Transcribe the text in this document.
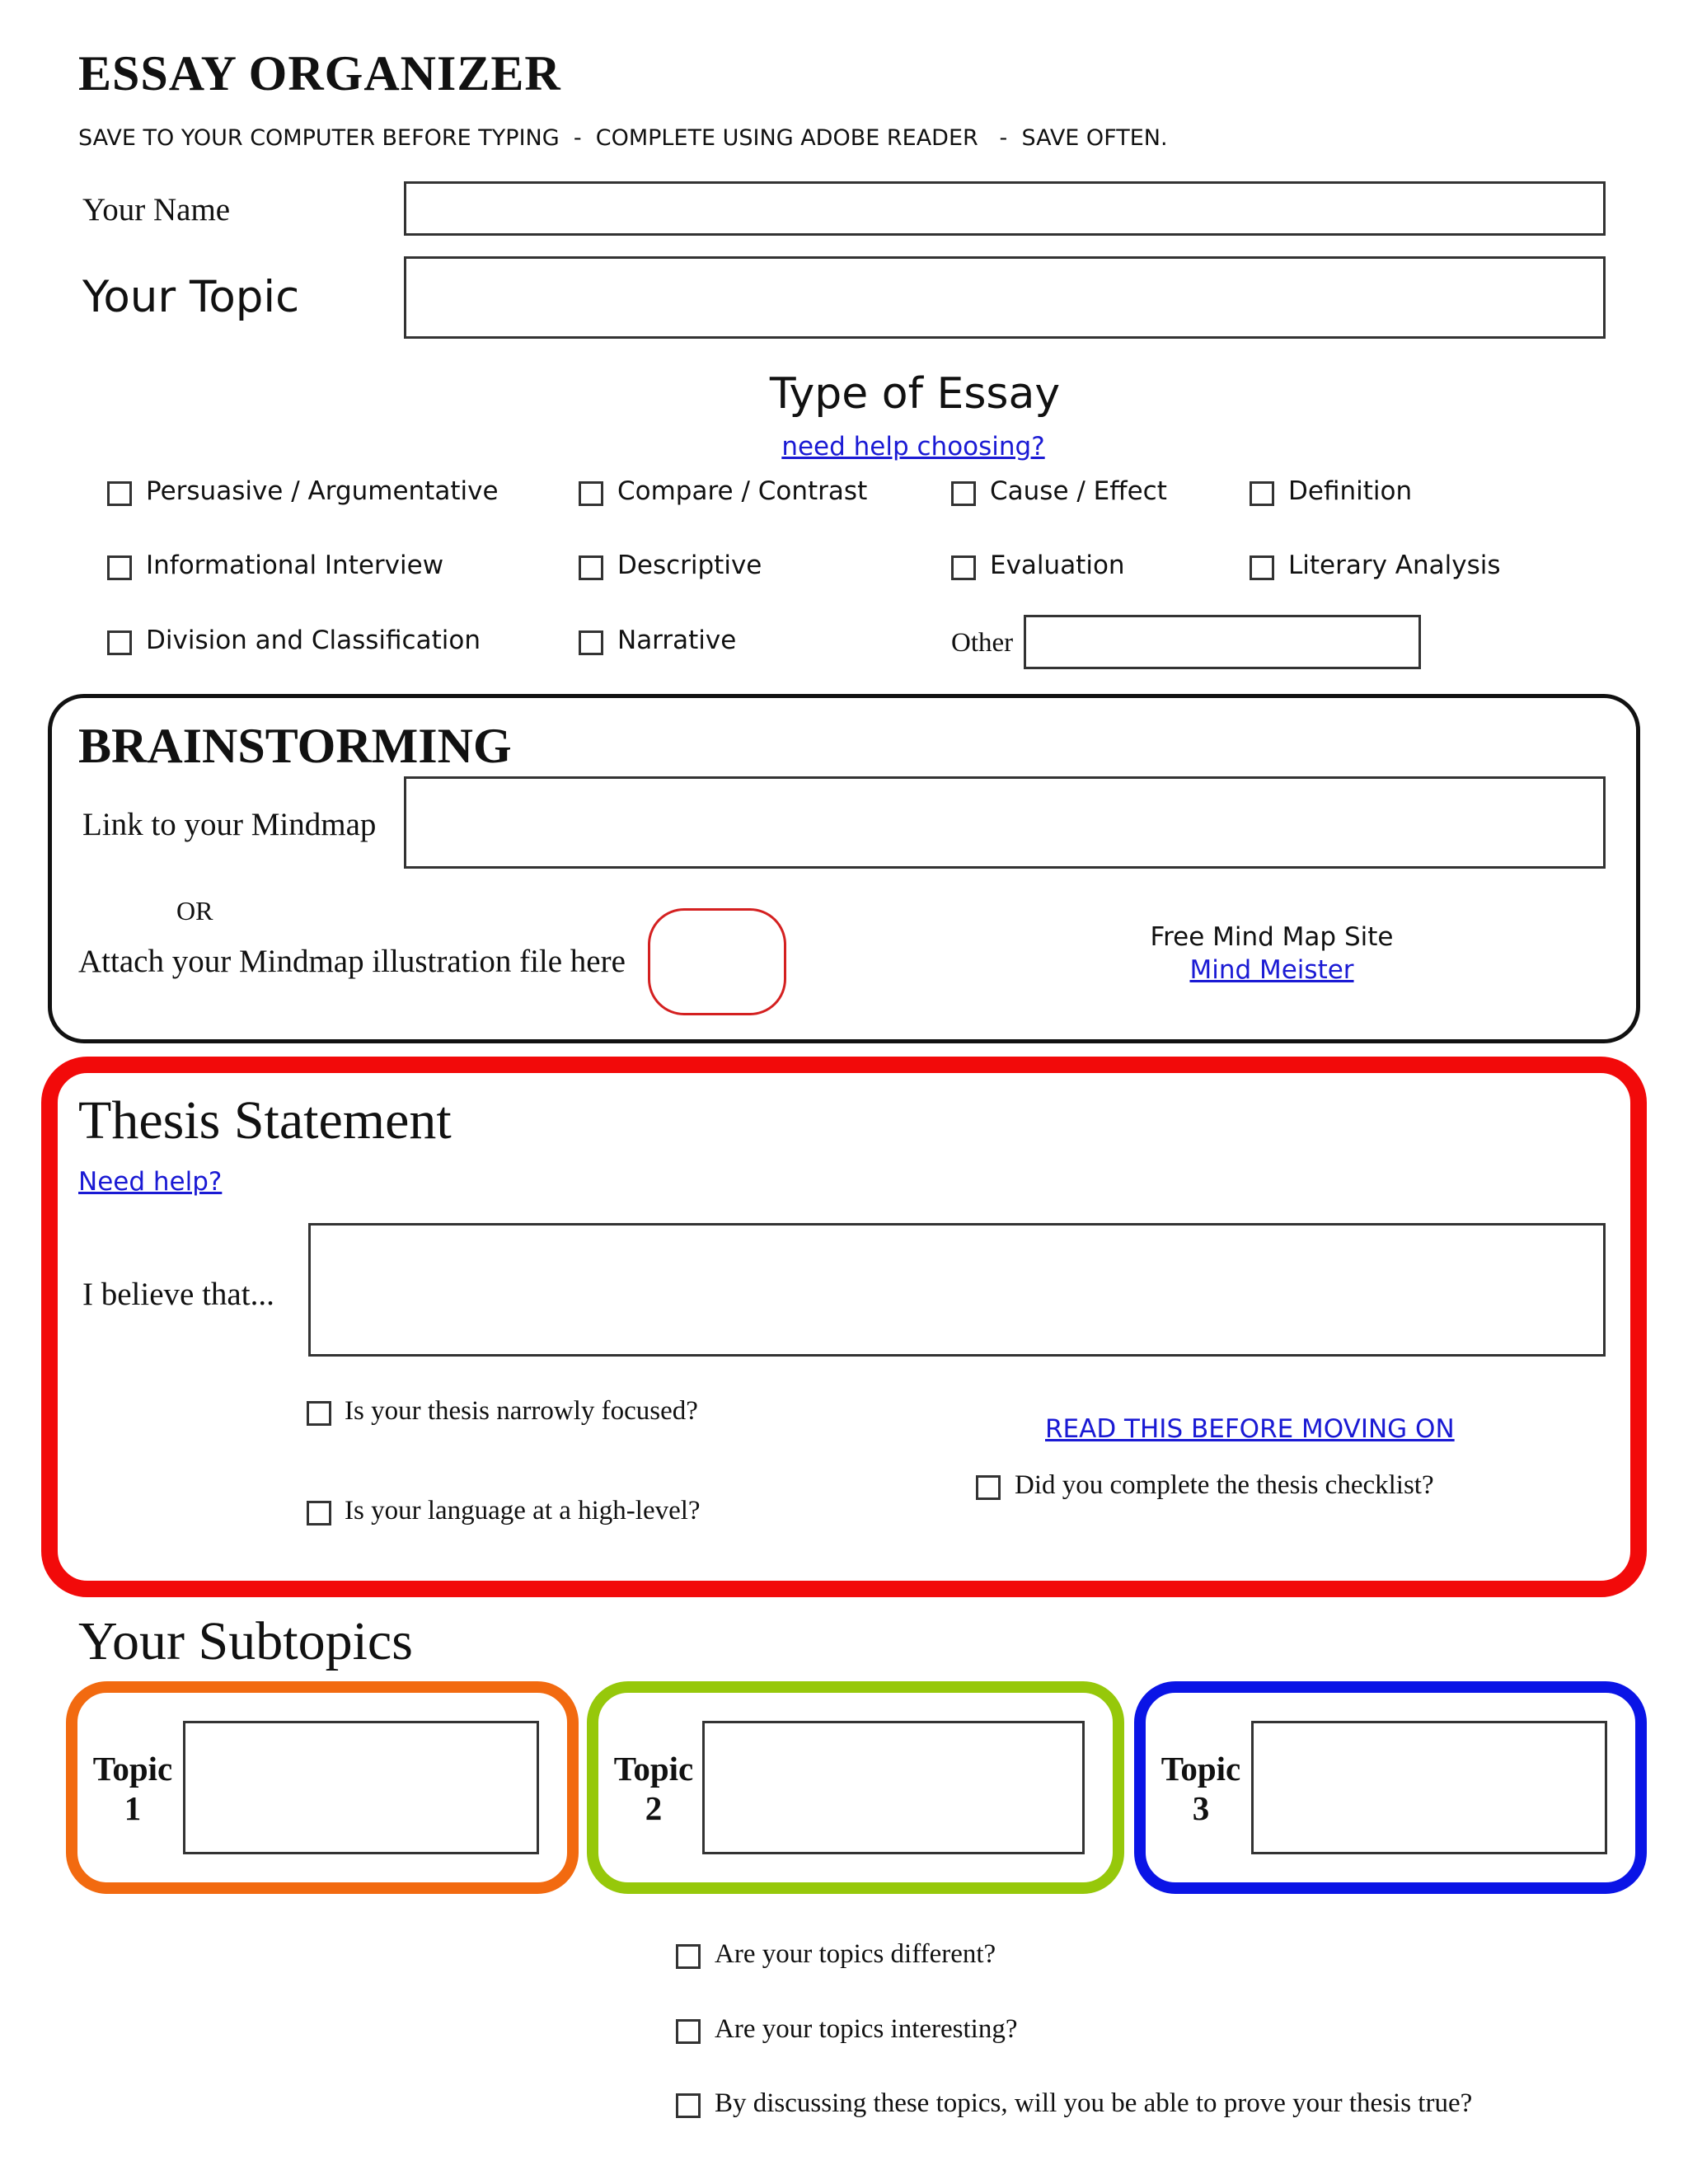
ESSAY ORGANIZER
SAVE TO YOUR COMPUTER BEFORE TYPING  -  COMPLETE USING ADOBE READER   -  SAVE OFTEN.
Your Name
Your Topic
Type of Essay
need help choosing?
Persuasive / Argumentative	Compare / Contrast	Cause / Effect	Definition
Informational Interview	Descriptive	Evaluation	Literary Analysis
Division and Classification	Narrative	Other
BRAINSTORMING
Link to your Mindmap
OR
Attach your Mindmap illustration file here
Free Mind Map Site
Mind Meister
Thesis Statement
Need help?
I believe that...
Is your thesis narrowly focused?
Is your language at a high-level?
READ THIS BEFORE MOVING ON
Did you complete the thesis checklist?
Your Subtopics
Topic
1
Topic
2
Topic
3
Are your topics different?
Are your topics interesting?
By discussing these topics, will you be able to prove your thesis true?
